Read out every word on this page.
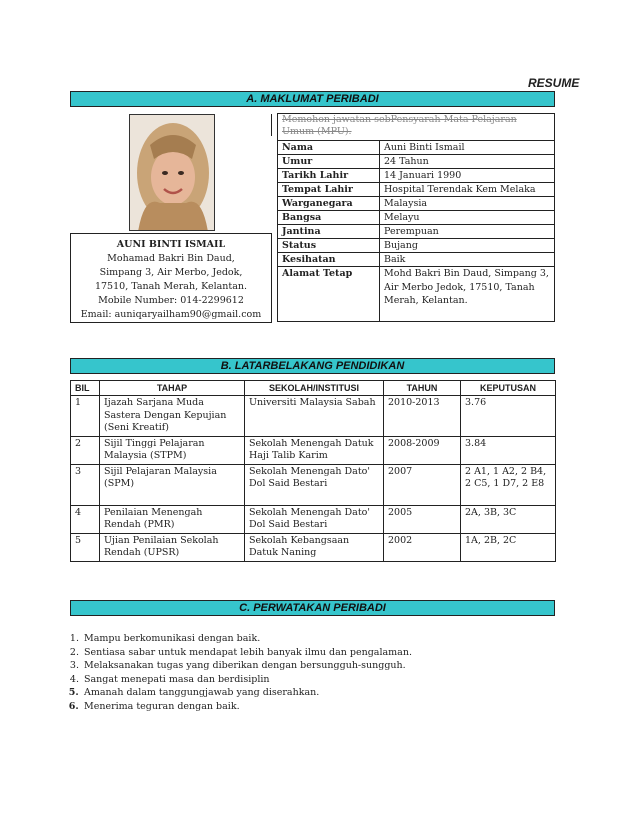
RESUME
A. MAKLUMAT PERIBADI
AUNI BINTI ISMAIL
Mohamad Bakri Bin Daud,
Simpang 3, Air Merbo, Jedok,
17510, Tanah Merah, Kelantan.
Mobile Number: 014-2299612
Email: auniqaryailham90@gmail.com
Memohon jawatan sebPensyarah Mata Pelajaran Umum (MPU).	
Nama	Auni Binti Ismail
Umur	24 Tahun
Tarikh Lahir	14 Januari 1990
Tempat Lahir	Hospital Terendak Kem Melaka
Warganegara	Malaysia
Bangsa	Melayu
Jantina	Perempuan
Status	Bujang
Kesihatan	Baik
Alamat Tetap	Mohd Bakri Bin Daud, Simpang 3, Air Merbo Jedok, 17510, Tanah Merah, Kelantan.
B. LATARBELAKANG PENDIDIKAN
BIL	TAHAP	SEKOLAH/INSTITUSI	TAHUN	KEPUTUSAN
1	Ijazah Sarjana Muda Sastera Dengan Kepujian (Seni Kreatif)	Universiti Malaysia Sabah	2010-2013	3.76
2	Sijil Tinggi Pelajaran Malaysia (STPM)	Sekolah Menengah Datuk Haji Talib Karim	2008-2009	3.84
3	Sijil Pelajaran Malaysia (SPM)	Sekolah Menengah Dato' Dol Said Bestari	2007	2 A1, 1 A2, 2 B4, 2 C5, 1 D7, 2 E8
4	Penilaian Menengah Rendah (PMR)	Sekolah Menengah Dato' Dol Said Bestari	2005	2A, 3B, 3C
5	Ujian Penilaian Sekolah Rendah (UPSR)	Sekolah Kebangsaan Datuk Naning	2002	1A, 2B, 2C
C. PERWATAKAN PERIBADI
1. Mampu berkomunikasi dengan baik.
2. Sentiasa sabar untuk mendapat lebih banyak ilmu dan pengalaman.
3. Melaksanakan tugas yang diberikan dengan bersungguh-sungguh.
4. Sangat menepati masa dan berdisiplin
5. Amanah dalam tanggungjawab yang diserahkan.
6. Menerima teguran dengan baik.
